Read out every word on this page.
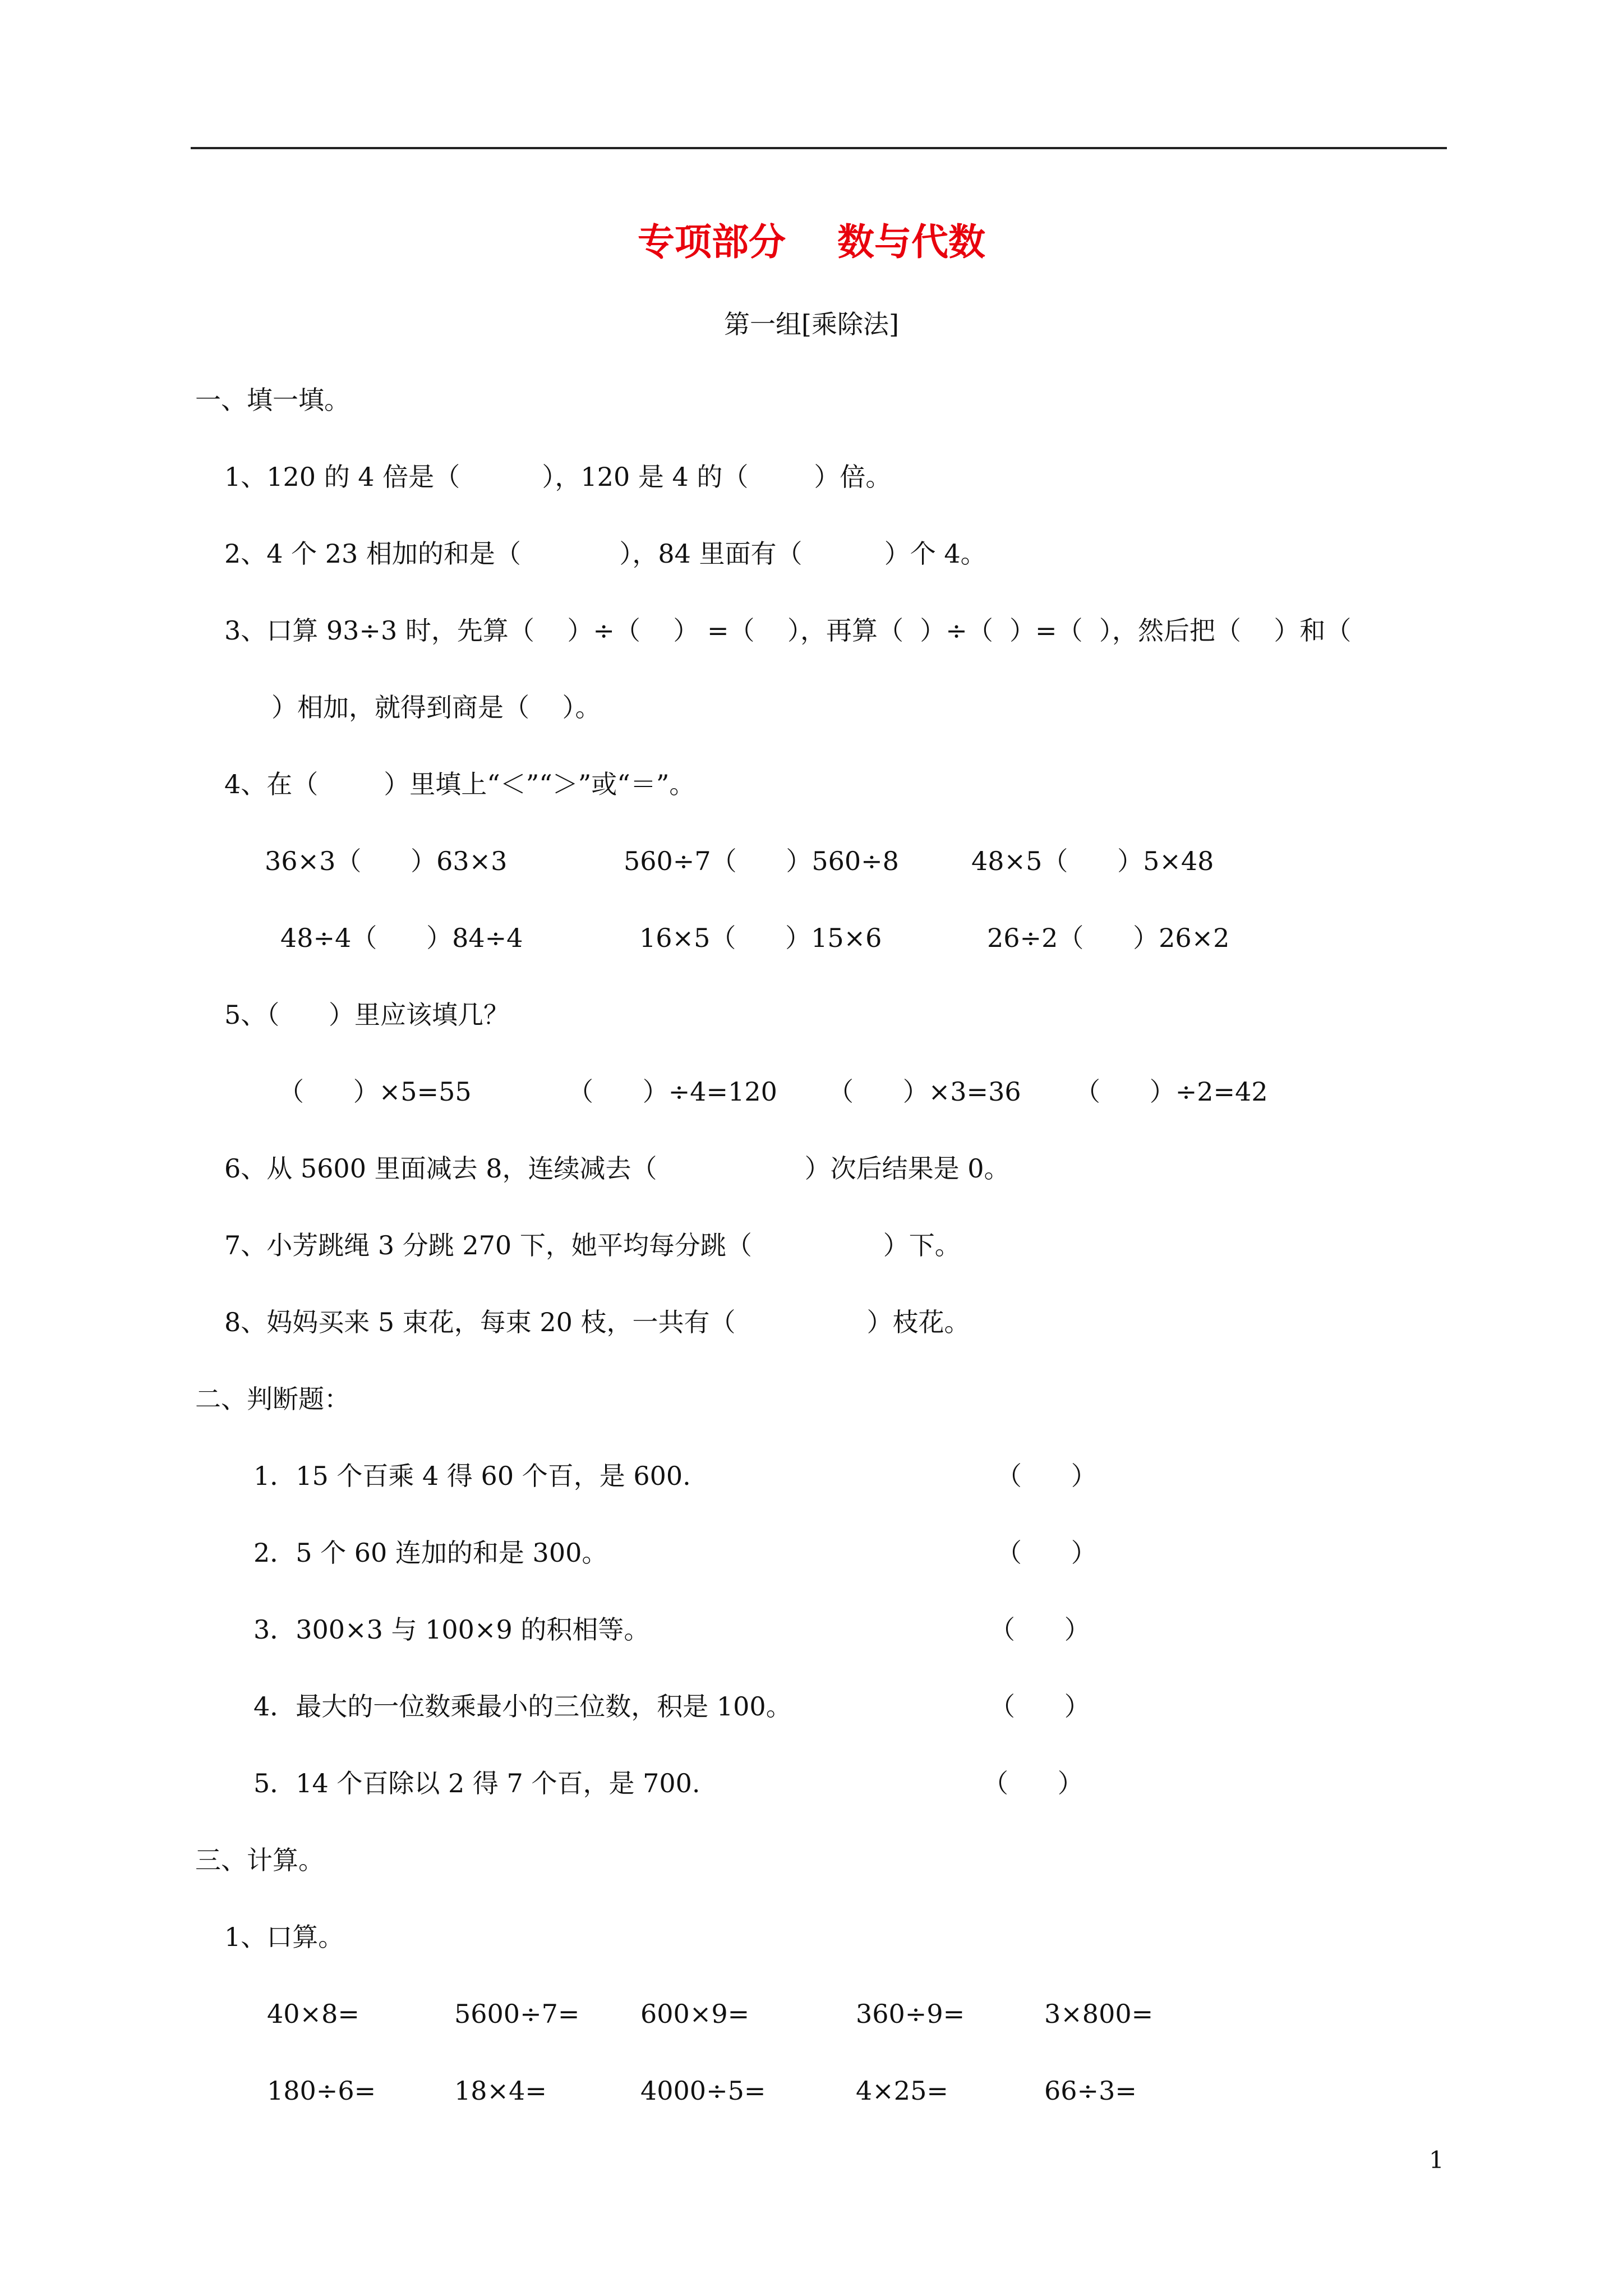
专项部分    数与代数
第一组[乘除法]
一、填一填。
1、120 的 4 倍是（          ），120 是 4 的（        ）倍。
2、4 个 23 相加的和是（            ），84 里面有（          ）个 4。
3、口算 93÷3 时，先算（    ）÷（    ） =（    ），再算（  ）÷（  ）=（  ），然后把（    ）和（
）相加，就得到商是（    ）。
4、在（        ）里填上“＜”“＞”或“＝”。
36×3（      ）63×3	560÷7（      ）560÷8	48×5（      ）5×48
48÷4（      ）84÷4	16×5（      ）15×6	26÷2（      ）26×2
5、（      ）里应该填几？
（      ）×5=55	（      ）÷4=120 （      ）×3=36 （      ）÷2=42
6、从 5600 里面减去 8，连续减去（                  ）次后结果是 0。
7、小芳跳绳 3 分跳 270 下，她平均每分跳（                ）下。
8、妈妈买来 5 束花，每束 20 枝，一共有（                ）枝花。
二、判断题：
1．15 个百乘 4 得 60 个百，是 600.	（      ）
2．5 个 60 连加的和是 300。	（      ）
3．300×3 与 100×9 的积相等。	（      ）
4．最大的一位数乘最小的三位数，积是 100。	（      ）
5．14 个百除以 2 得 7 个百，是 700.	（      ）
三、计算。
1、口算。
40×8=	5600÷7= 600×9=	360÷9=	3×800=
180÷6=	18×4=	4000÷5=	4×25=	66÷3=
1
